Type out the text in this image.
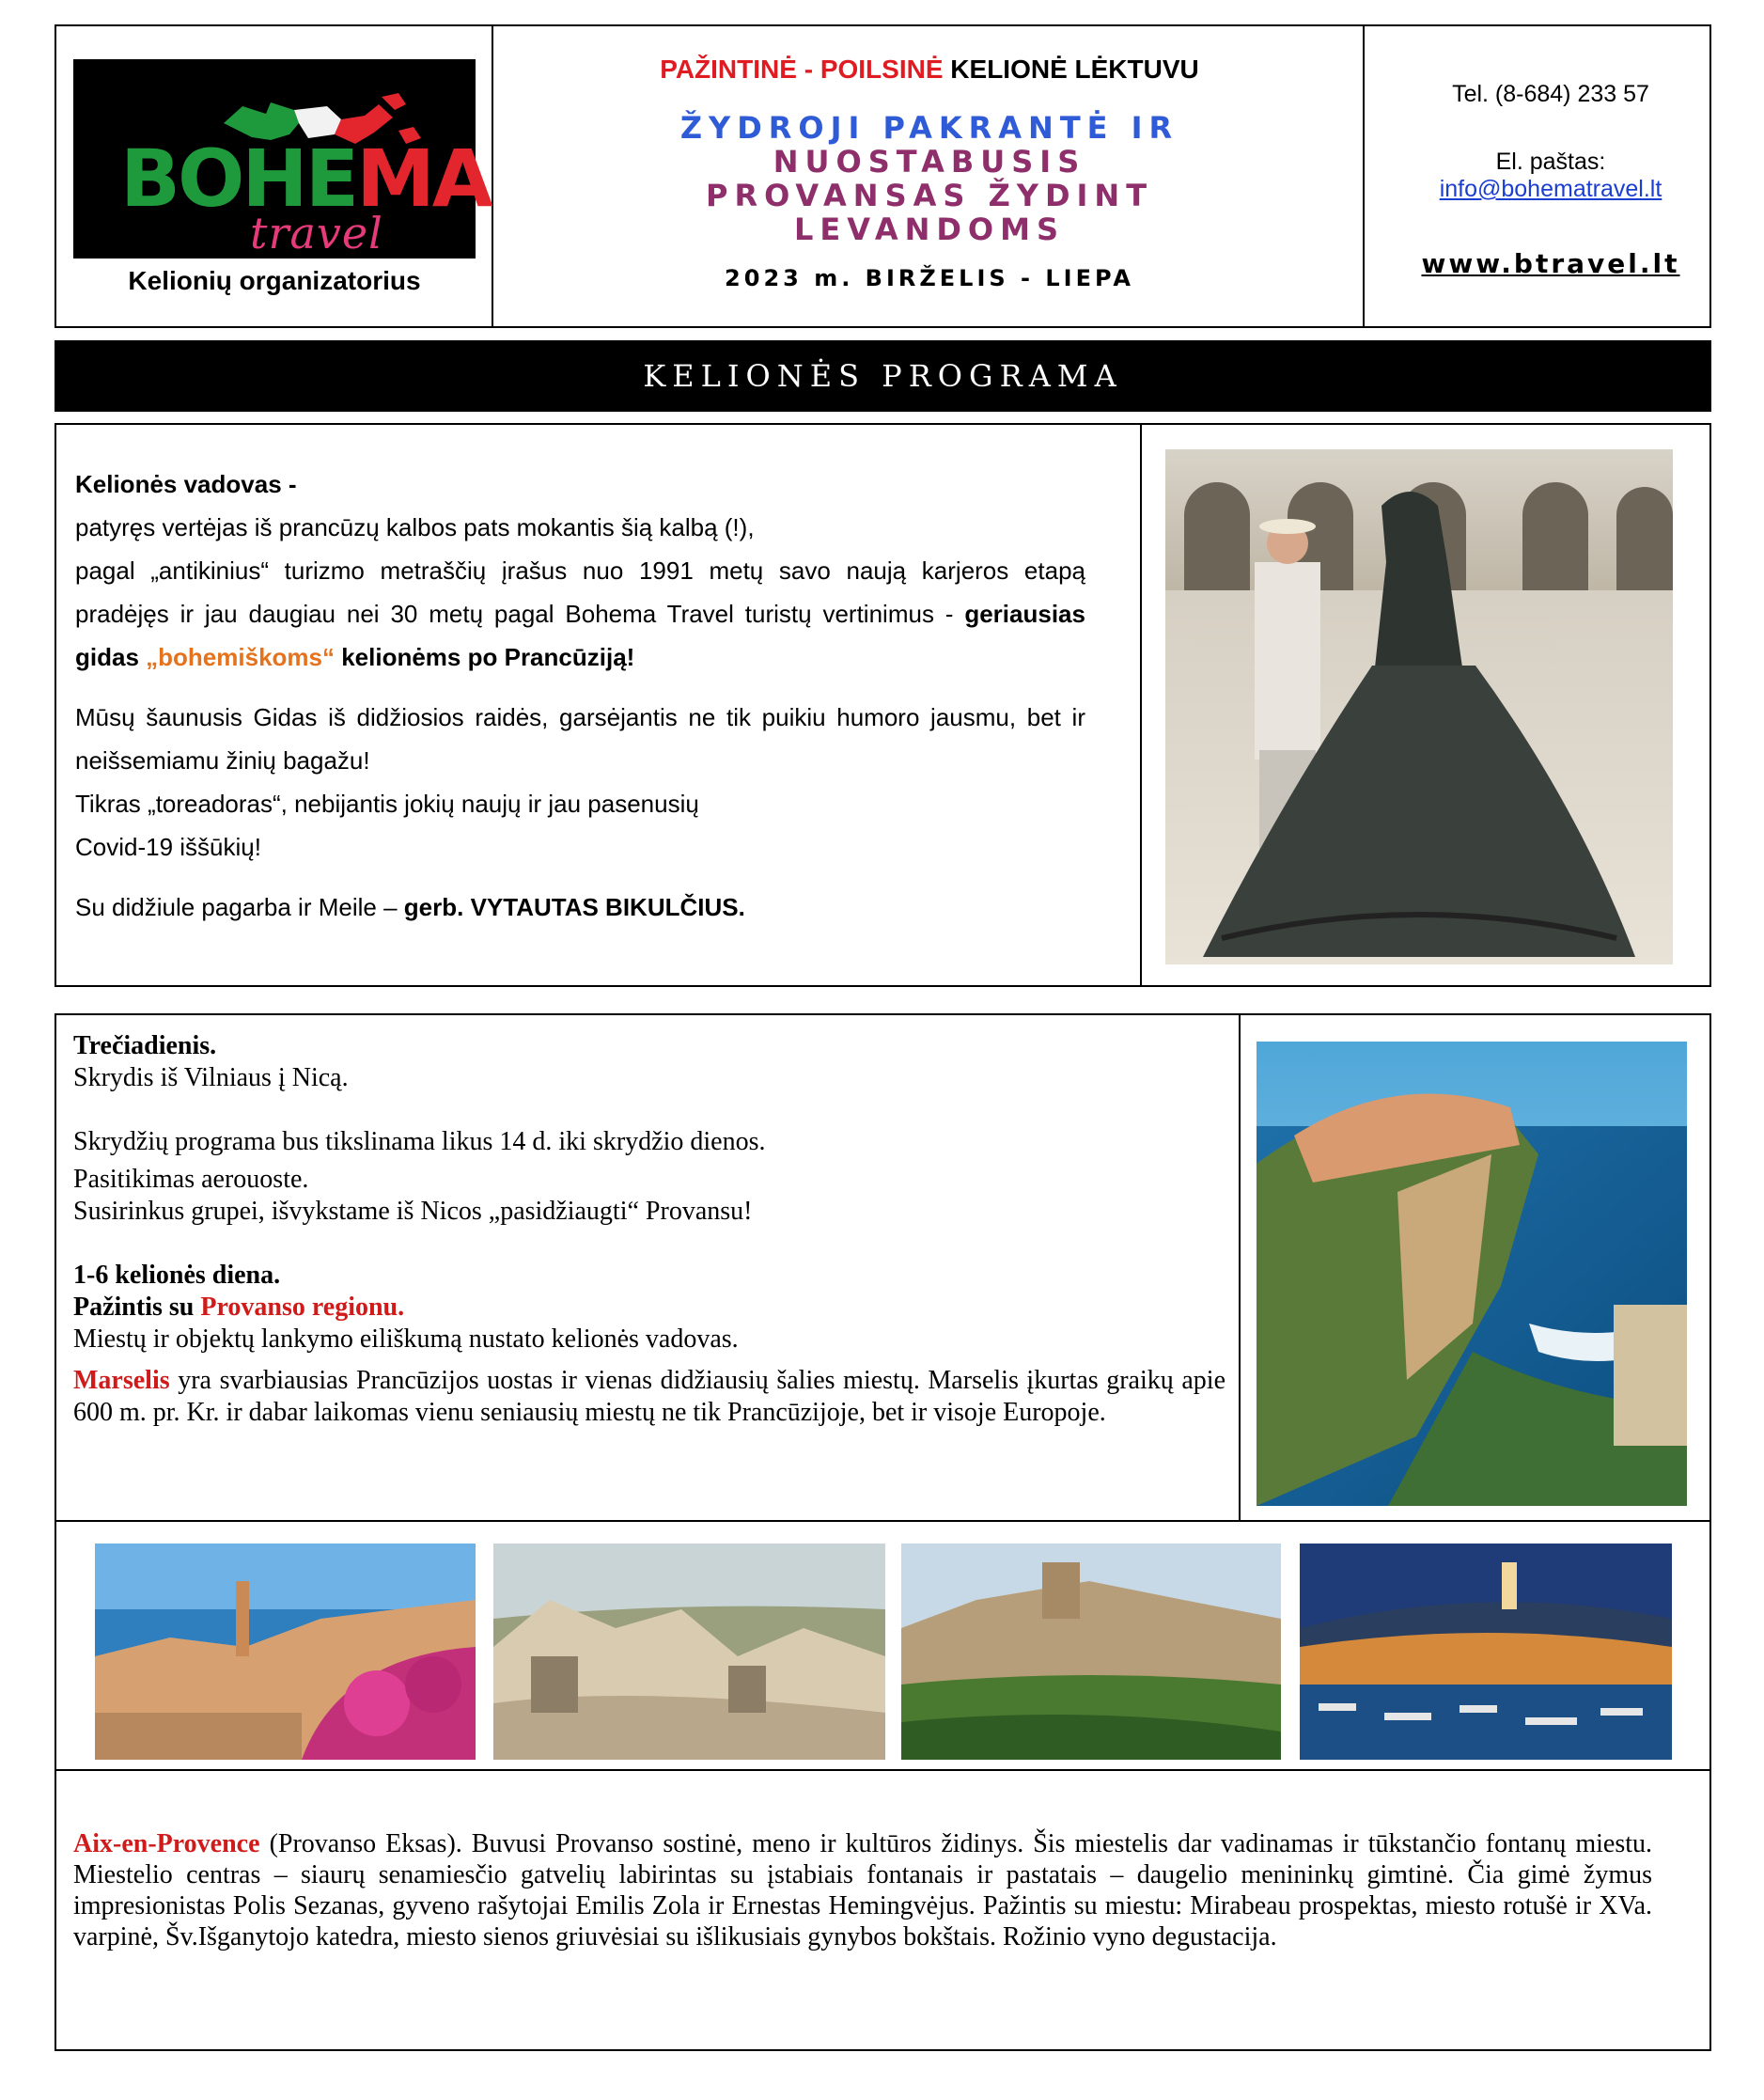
BOHEMA
travel
Kelionių organizatorius
PAŽINTINĖ - POILSINĖ KELIONĖ LĖKTUVU
ŽYDROJI PAKRANTĖ IR
NUOSTABUSIS
PROVANSAS ŽYDINT
LEVANDOMS
2023 m. BIRŽELIS - LIEPA
Tel. (8-684) 233 57
El. paštas:
info@bohematravel.lt
www.btravel.lt
KELIONĖS PROGRAMA

Kelionės vadovas -

patyręs vertėjas iš prancūzų kalbos pats mokantis šią kalbą (!),

pagal „antikinius“ turizmo metraščių įrašus nuo 1991 metų savo naują karjeros etapą pradėjęs ir jau daugiau nei 30 metų pagal Bohema Travel turistų vertinimus - geriausias gidas „bohemiškoms“ kelionėms po Prancūziją!

Mūsų šaunusis Gidas iš didžiosios raidės, garsėjantis ne tik puikiu humoro jausmu, bet ir neišsemiamu žinių bagažu!

Tikras „toreadoras“, nebijantis jokių naujų ir jau pasenusių

Covid-19 iššūkių!

Su didžiule pagarba ir Meile – gerb. VYTAUTAS BIKULČIUS.

Trečiadienis.

Skrydis iš Vilniaus į Nicą.

Skrydžių programa bus tikslinama likus 14 d. iki skrydžio dienos.

Pasitikimas aerouoste.

Susirinkus grupei, išvykstame iš Nicos „pasidžiaugti“ Provansu!

1-6 kelionės diena.

Pažintis su Provanso regionu.

Miestų ir objektų lankymo eiliškumą nustato kelionės vadovas.

Marselis yra svarbiausias Prancūzijos uostas ir vienas didžiausių šalies miestų. Marselis įkurtas graikų apie 600 m. pr. Kr. ir dabar laikomas vienu seniausių miestų ne tik Prancūzijoje, bet ir visoje Europoje.

Aix-en-Provence (Provanso Eksas). Buvusi Provanso sostinė, meno ir kultūros židinys. Šis miestelis dar vadinamas ir tūkstančio fontanų miestu. Miestelio centras – siaurų senamiesčio gatvelių labirintas su įstabiais fontanais ir pastatais – daugelio menininkų gimtinė. Čia gimė žymus impresionistas Polis Sezanas, gyveno rašytojai Emilis Zola ir Ernestas Hemingvėjus. Pažintis su miestu: Mirabeau prospektas, miesto rotušė ir XVa. varpinė, Šv.Išganytojo katedra, miesto sienos griuvėsiai su išlikusiais gynybos bokštais. Rožinio vyno degustacija.
